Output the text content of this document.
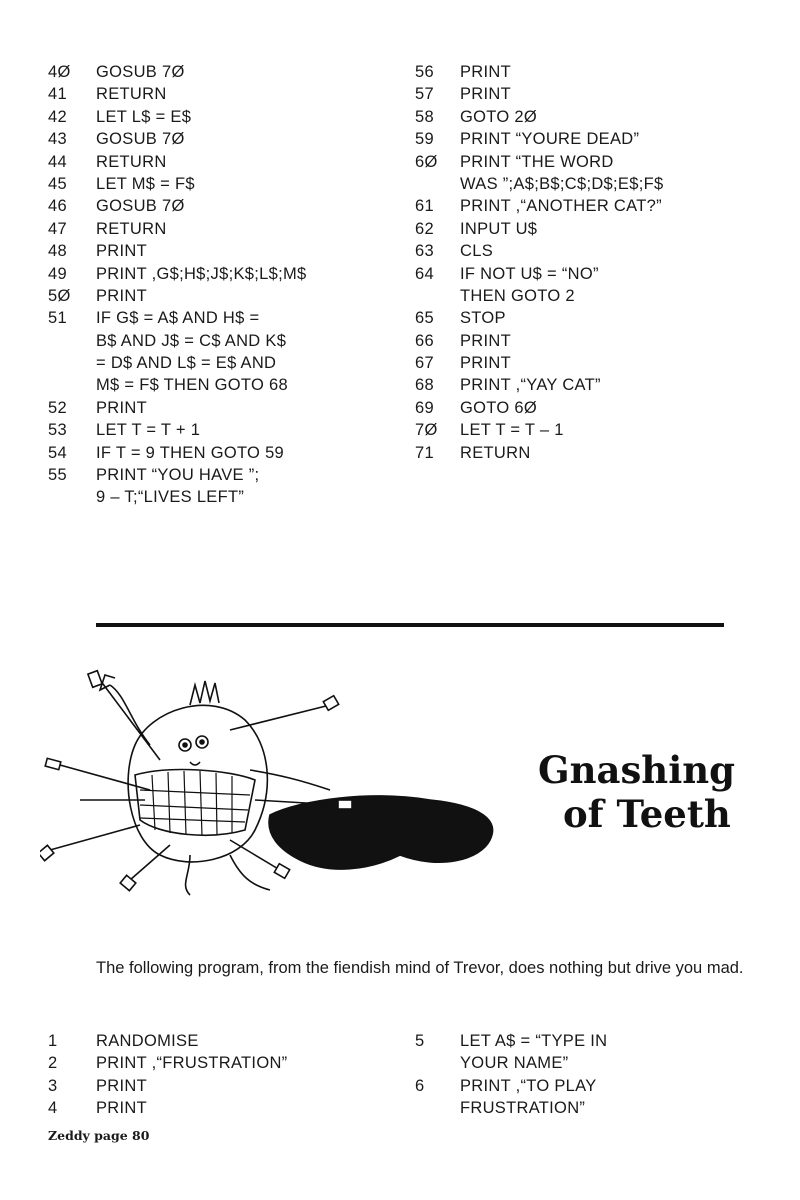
4Ø GOSUB 7Ø
41 RETURN
42 LET L$ = E$
43 GOSUB 7Ø
44 RETURN
45 LET M$ = F$
46 GOSUB 7Ø
47 RETURN
48 PRINT
49 PRINT ,G$;H$;J$;K$;L$;M$
5Ø PRINT
51 IF G$ = A$ AND H$ =
B$ AND J$ = C$ AND K$
= D$ AND L$ = E$ AND
M$ = F$ THEN GOTO 68
52 PRINT
53 LET T = T + 1
54 IF T = 9 THEN GOTO 59
55 PRINT “YOU HAVE ”;
9 – T;“LIVES LEFT”
56 PRINT
57 PRINT
58 GOTO 2Ø
59 PRINT “YOURE DEAD”
6Ø PRINT “THE WORD
WAS ”;A$;B$;C$;D$;E$;F$
61 PRINT ,“ANOTHER CAT?”
62 INPUT U$
63 CLS
64 IF NOT U$ = “NO”
THEN GOTO 2
65 STOP
66 PRINT
67 PRINT
68 PRINT ,“YAY CAT”
69 GOTO 6Ø
7Ø LET T = T – 1
71 RETURN
Gnashing
of Teeth

The following program, from the fiendish mind of Trevor, does nothing but drive you mad.

1 RANDOMISE
2 PRINT ,“FRUSTRATION”
3 PRINT
4 PRINT
5 LET A$ = “TYPE IN
YOUR NAME”
6 PRINT ,“TO PLAY
FRUSTRATION”
Zeddy page 80
